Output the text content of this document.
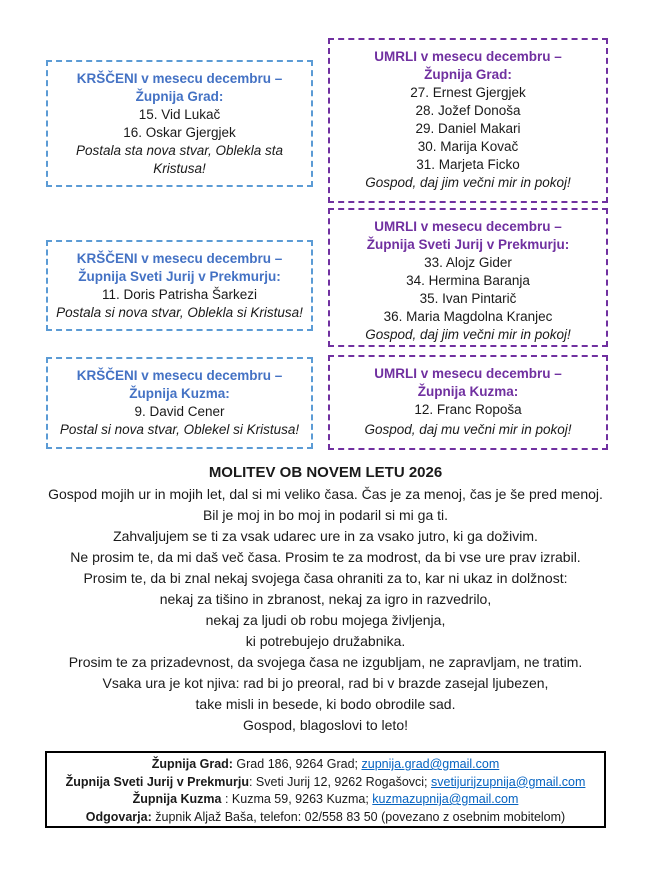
KRŠČENI v mesecu decembru –
Župnija Grad:
15. Vid Lukač
16. Oskar Gjergjek
Postala sta nova stvar, Oblekla sta Kristusa!
UMRLI v mesecu decembru –
Župnija Grad:
27. Ernest Gjergjek
28. Jožef Donoša
29. Daniel Makari
30. Marija Kovač
31. Marjeta Ficko
Gospod, daj jim večni mir in pokoj!
KRŠČENI v mesecu decembru –
Župnija Sveti Jurij v Prekmurju:
11. Doris Patrisha Šarkezi
Postala si nova stvar, Oblekla si Kristusa!
UMRLI v mesecu decembru –
Župnija Sveti Jurij v Prekmurju:
33. Alojz Gider
34. Hermina Baranja
35. Ivan Pintarič
36. Maria Magdolna Kranjec
Gospod, daj jim večni mir in pokoj!
KRŠČENI v mesecu decembru –
Župnija Kuzma:
9. David Cener
Postal si nova stvar, Oblekel si Kristusa!
UMRLI v mesecu decembru –
Župnija Kuzma:
12. Franc Ropoša
Gospod, daj mu večni mir in pokoj!
MOLITEV OB NOVEM LETU 2026
Gospod mojih ur in mojih let, dal si mi veliko časa. Čas je za menoj, čas je še pred menoj.
Bil je moj in bo moj in podaril si mi ga ti.
Zahvaljujem se ti za vsak udarec ure in za vsako jutro, ki ga doživim.
Ne prosim te, da mi daš več časa. Prosim te za modrost, da bi vse ure prav izrabil.
Prosim te, da bi znal nekaj svojega časa ohraniti za to, kar ni ukaz in dolžnost:
nekaj za tišino in zbranost, nekaj za igro in razvedrilo,
nekaj za ljudi ob robu mojega življenja,
ki potrebujejo družabnika.
Prosim te za prizadevnost, da svojega časa ne izgubljam, ne zapravljam, ne tratim.
Vsaka ura je kot njiva: rad bi jo preoral, rad bi v brazde zasejal ljubezen,
take misli in besede, ki bodo obrodile sad.
Gospod, blagoslovi to leto!
Župnija Grad: Grad 186, 9264 Grad; zupnija.grad@gmail.com
Župnija Sveti Jurij v Prekmurju: Sveti Jurij 12, 9262 Rogašovci; svetijurijzupnija@gmail.com
Župnija Kuzma : Kuzma 59, 9263 Kuzma; kuzmazupnija@gmail.com
Odgovarja: župnik Aljaž Baša, telefon: 02/558 83 50 (povezano z osebnim mobitelom)
